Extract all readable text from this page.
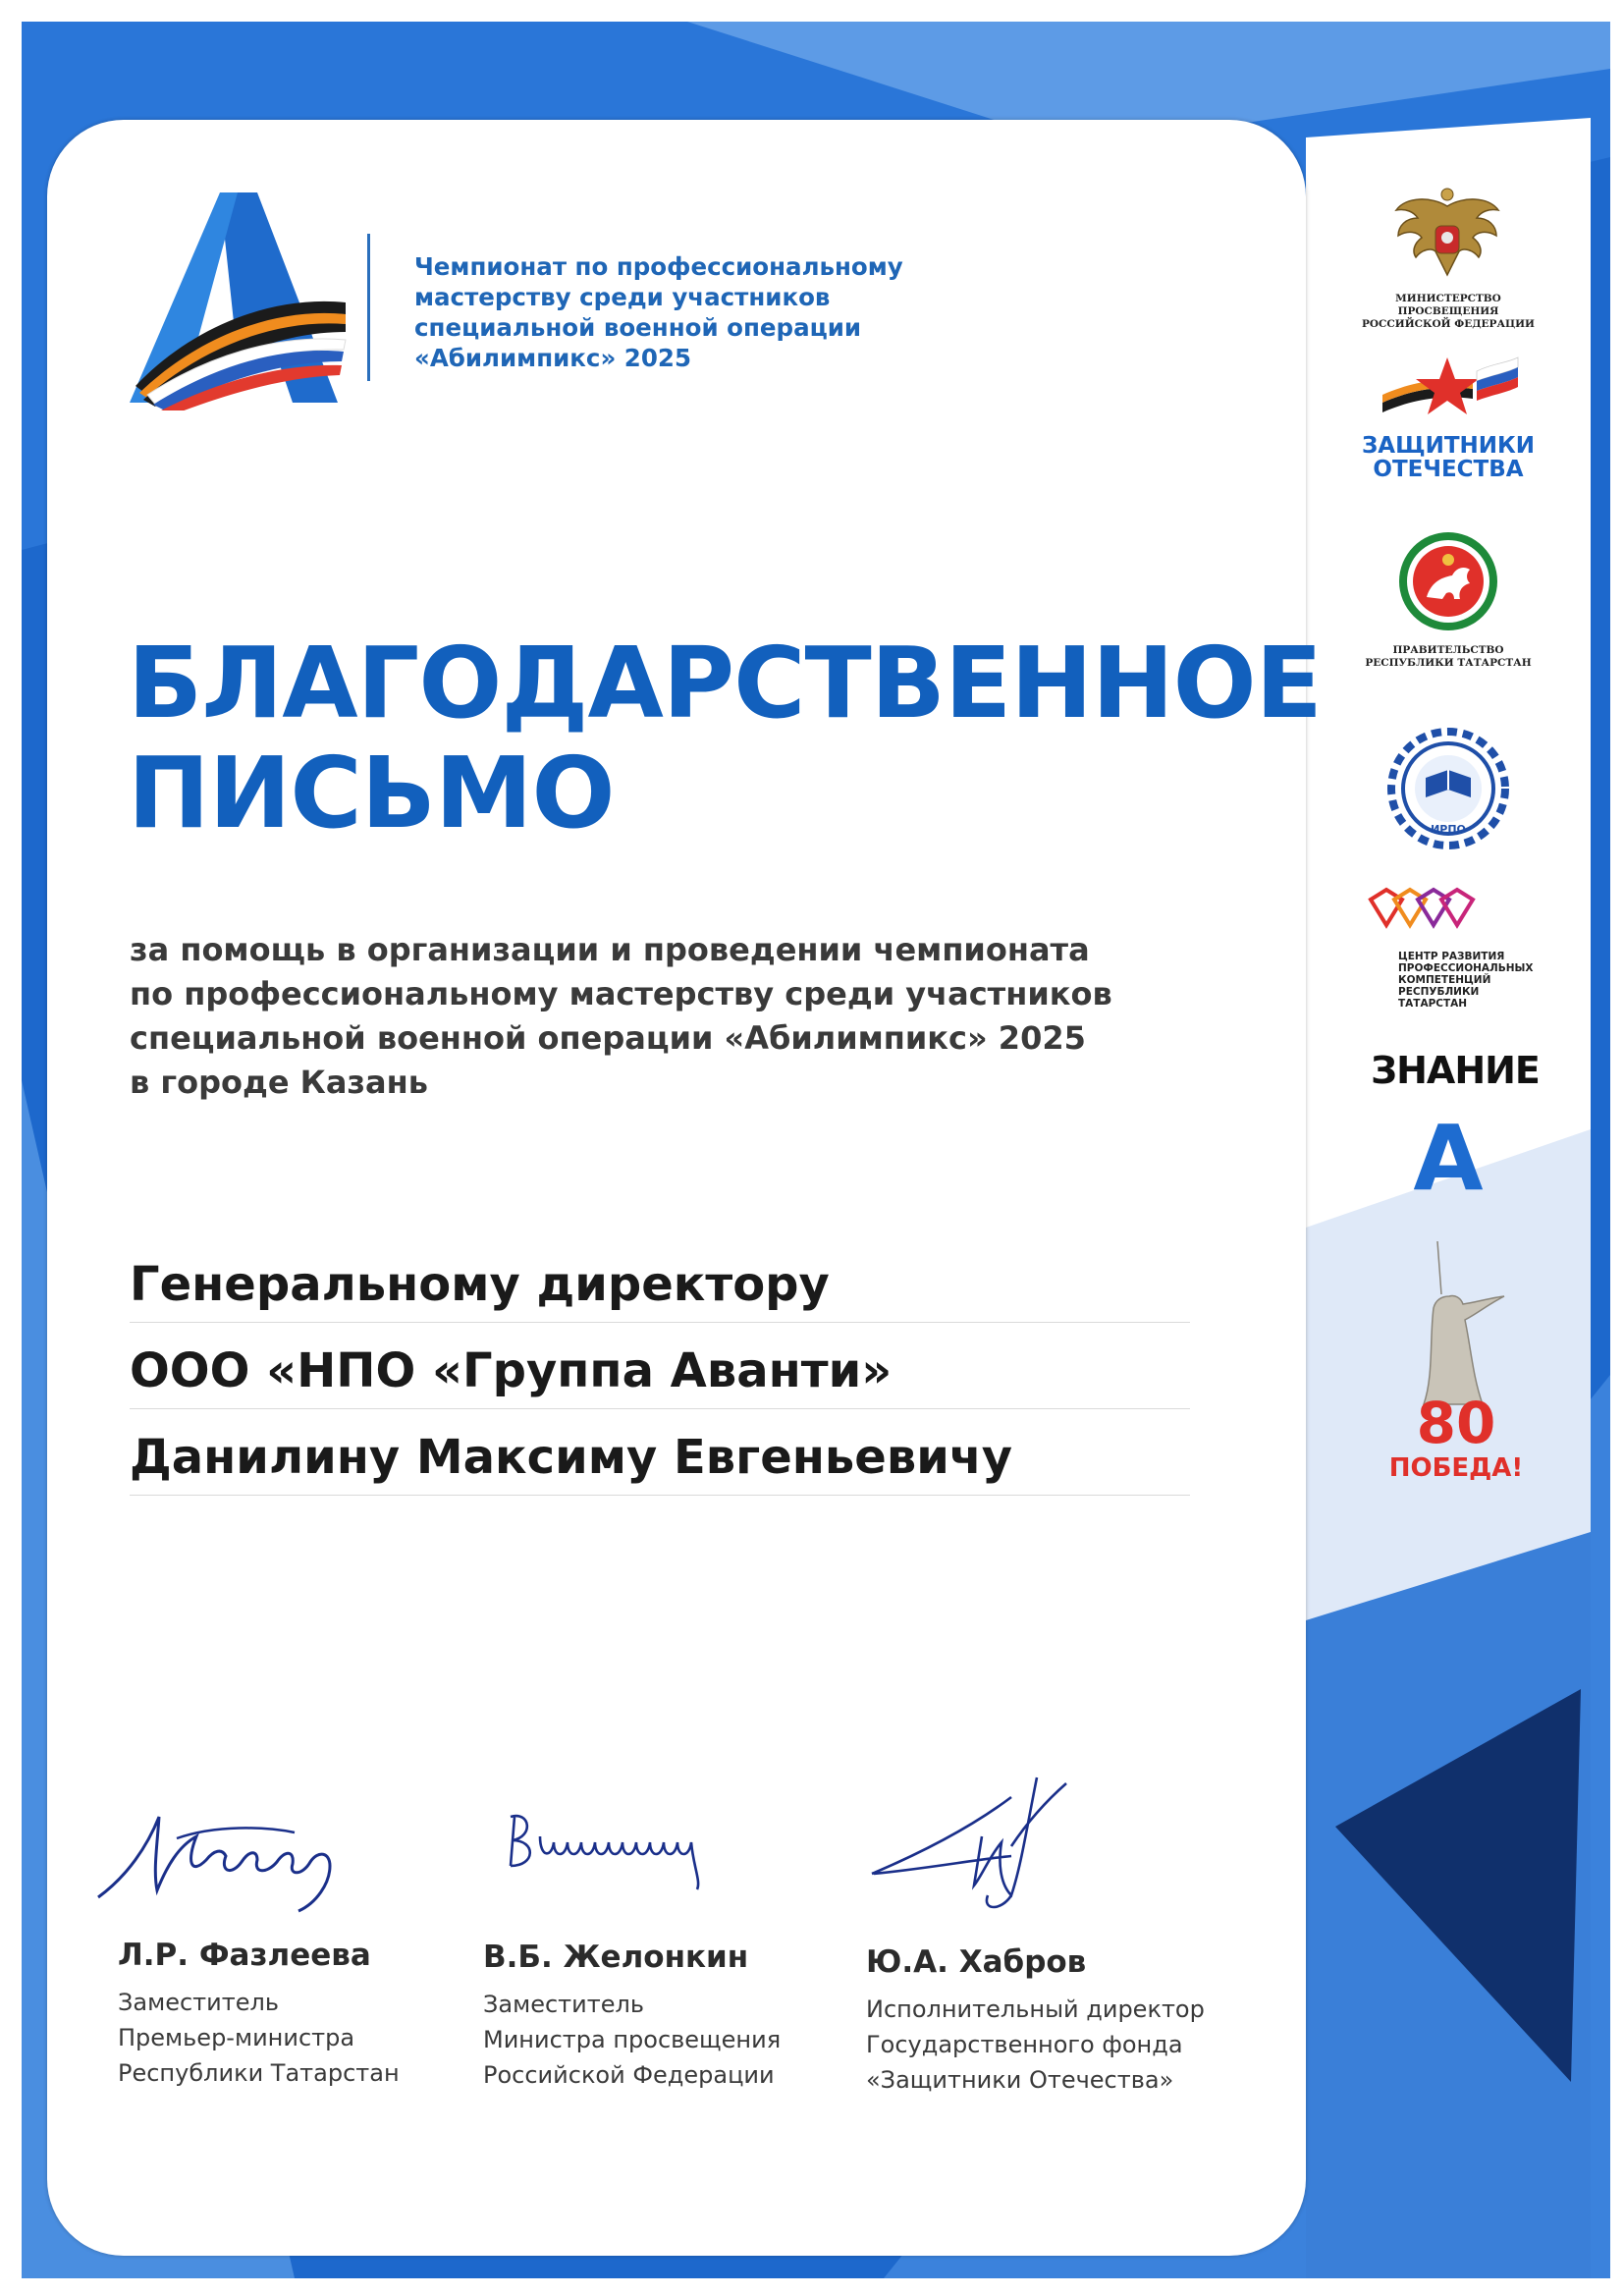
Чемпионат по профессиональному
мастерству среди участников
специальной военной операции
«Абилимпикс» 2025
БЛАГОДАРСТВЕННОЕ
ПИСЬМО
за помощь в организации и проведении чемпионата
по профессиональному мастерству среди участников
специальной военной операции «Абилимпикс» 2025
в городе Казань
Генеральному директору
ООО «НПО «Группа Аванти»
Данилину Максиму Евгеньевичу
Л.Р. Фазлеева
Заместитель
Премьер-министра
Республики Татарстан
В.Б. Желонкин
Заместитель
Министра просвещения
Российской Федерации
Ю.А. Хабров
Исполнительный директор
Государственного фонда
«Защитники Отечества»
МИНИСТЕРСТВО ПРОСВЕЩЕНИЯ
РОССИЙСКОЙ ФЕДЕРАЦИИ
ЗАЩИТНИКИ
ОТЕЧЕСТВА
ПРАВИТЕЛЬСТВО
РЕСПУБЛИКИ ТАТАРСТАН
ИРПО
ЦЕНТР РАЗВИТИЯ
ПРОФЕССИОНАЛЬНЫХ
КОМПЕТЕНЦИЙ
РЕСПУБЛИКИ ТАТАРСТАН
ЗНАНИЕ
A
80
ПОБЕДА!
